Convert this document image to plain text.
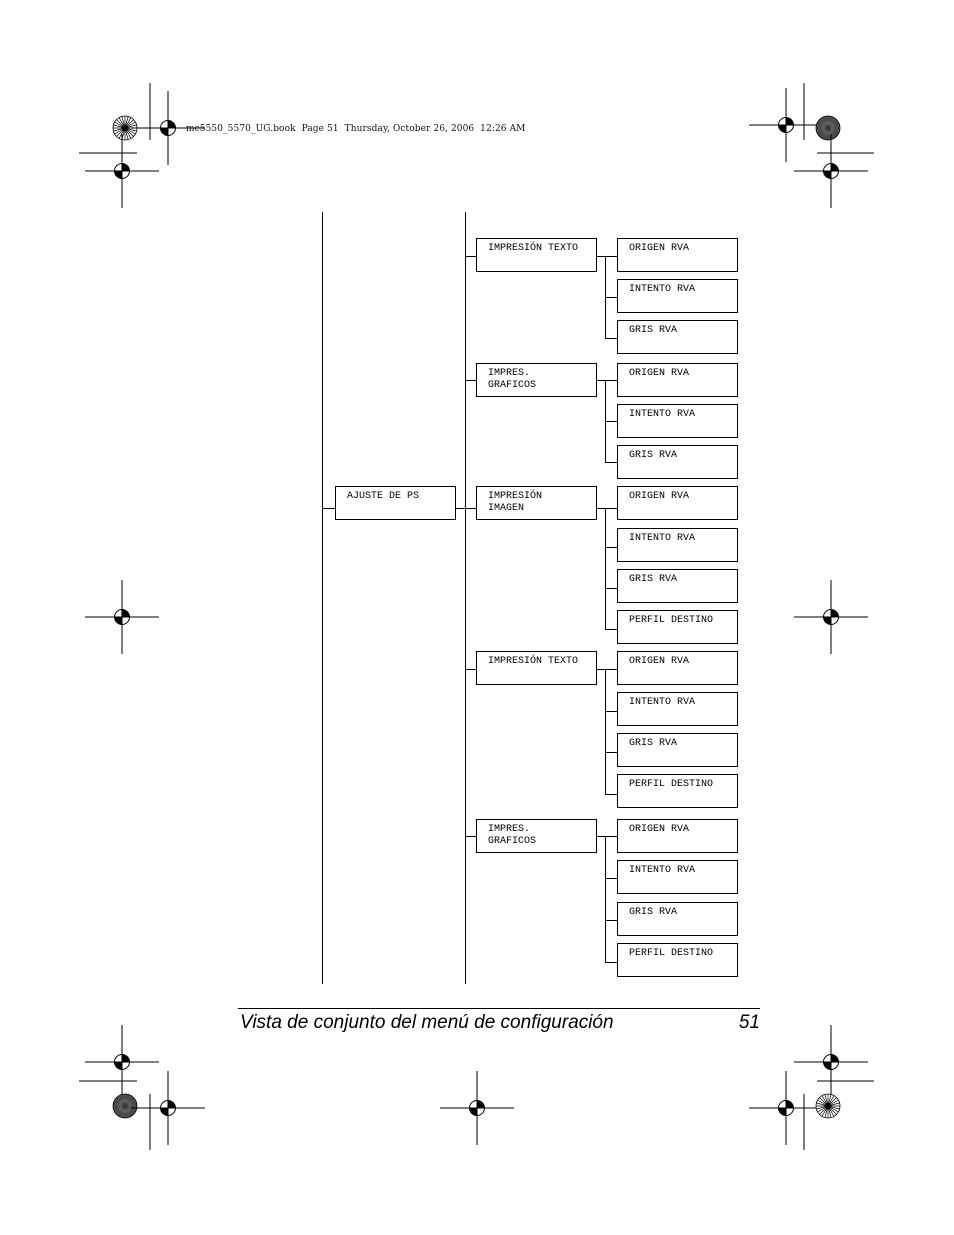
mc5550_5570_UG.book  Page 51  Thursday, October 26, 2006  12:26 AM
AJUSTE DE PS
IMPRESIÓN TEXTO	ORIGEN RVA
INTENTO RVA
GRIS RVA
IMPRES.
GRAFICOS
ORIGEN RVA
INTENTO RVA
GRIS RVA
IMPRESIÓN
IMAGEN
ORIGEN RVA
INTENTO RVA
GRIS RVA
PERFIL DESTINO
IMPRESIÓN TEXTO	ORIGEN RVA
INTENTO RVA
GRIS RVA
PERFIL DESTINO
IMPRES.
GRAFICOS
ORIGEN RVA
INTENTO RVA
GRIS RVA
PERFIL DESTINO
Vista de conjunto del menú de configuración	51
